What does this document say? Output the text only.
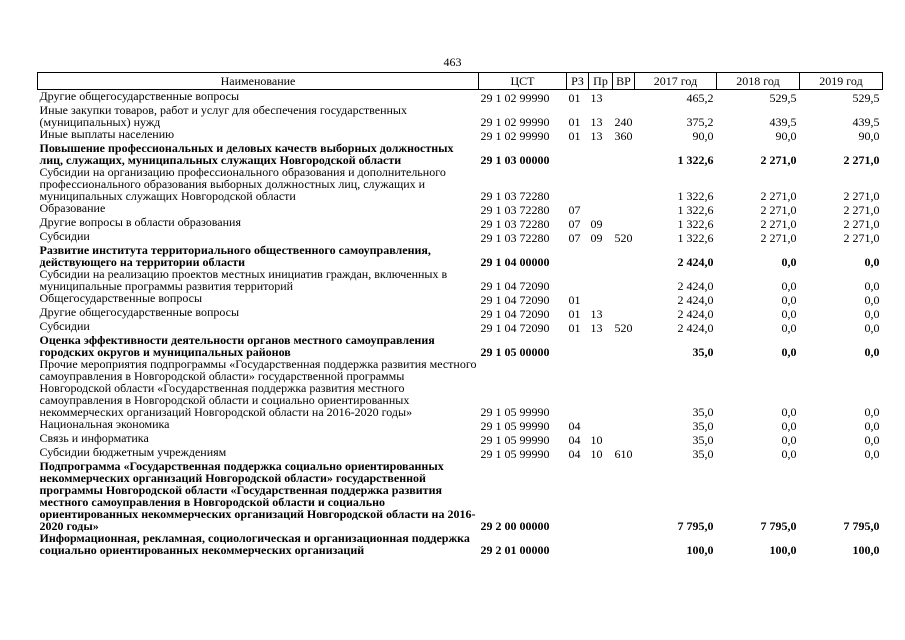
463
Наименование	ЦСТ	РЗ	Пр	ВР	2017 год	2018 год	2019 год
Другие общегосударственные вопросы	29 1 02 99990	01	13		465,2	529,5	529,5
Иные закупки товаров, работ и услуг для обеспечения государственных (муниципальных) нужд	29 1 02 99990	01	13	240	375,2	439,5	439,5
Иные выплаты населению	29 1 02 99990	01	13	360	90,0	90,0	90,0
Повышение профессиональных и деловых качеств выборных должностных лиц, служащих, муниципальных служащих Новгородской области	29 1 03 00000				1 322,6	2 271,0	2 271,0
Субсидии на организацию профессионального образования и дополнительного профессионального образования выборных должностных лиц, служащих и муниципальных служащих Новгородской области	29 1 03 72280				1 322,6	2 271,0	2 271,0
Образование	29 1 03 72280	07			1 322,6	2 271,0	2 271,0
Другие вопросы в области образования	29 1 03 72280	07	09		1 322,6	2 271,0	2 271,0
Субсидии	29 1 03 72280	07	09	520	1 322,6	2 271,0	2 271,0
Развитие института территориального общественного самоуправления, действующего на территории области	29 1 04 00000				2 424,0	0,0	0,0
Субсидии на реализацию проектов местных инициатив граждан, включенных в муниципальные программы развития территорий	29 1 04 72090				2 424,0	0,0	0,0
Общегосударственные вопросы	29 1 04 72090	01			2 424,0	0,0	0,0
Другие общегосударственные вопросы	29 1 04 72090	01	13		2 424,0	0,0	0,0
Субсидии	29 1 04 72090	01	13	520	2 424,0	0,0	0,0
Оценка эффективности деятельности органов местного самоуправления городских округов и муниципальных районов	29 1 05 00000				35,0	0,0	0,0
Прочие мероприятия подпрограммы «Государственная поддержка развития местного самоуправления в Новгородской области» государственной программы Новгородской области «Государственная поддержка развития местного самоуправления в Новгородской области и социально ориентированных некоммерческих организаций Новгородской области на 2016-2020 годы»	29 1 05 99990				35,0	0,0	0,0
Национальная экономика	29 1 05 99990	04			35,0	0,0	0,0
Связь и информатика	29 1 05 99990	04	10		35,0	0,0	0,0
Субсидии бюджетным учреждениям	29 1 05 99990	04	10	610	35,0	0,0	0,0
Подпрограмма «Государственная поддержка социально ориентированных некоммерческих организаций Новгородской области» государственной программы Новгородской области «Государственная поддержка развития местного самоуправления в Новгородской области и социально ориентированных некоммерческих организаций Новгородской области на 2016-2020 годы»	29 2 00 00000				7 795,0	7 795,0	7 795,0
Информационная, рекламная, социологическая и организационная поддержка социально ориентированных некоммерческих организаций	29 2 01 00000				100,0	100,0	100,0
